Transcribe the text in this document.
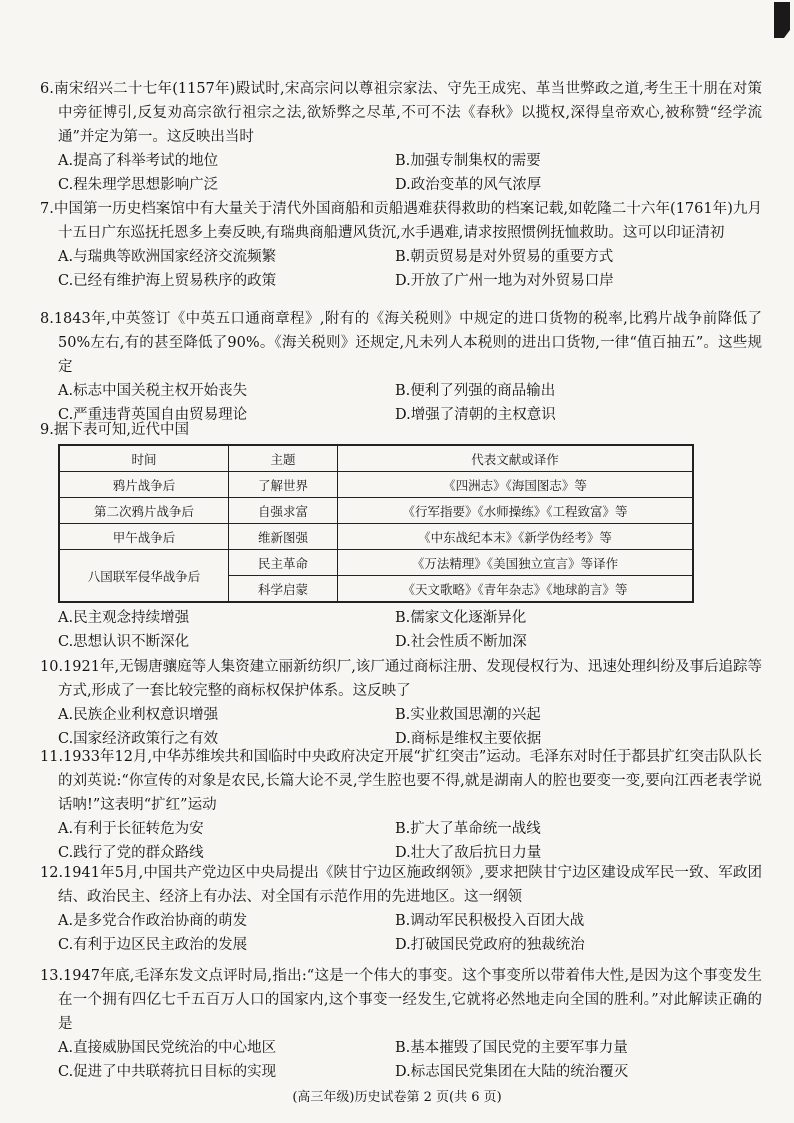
6.南宋绍兴二十七年(1157年)殿试时,宋高宗问以尊祖宗家法、守先王成宪、革当世弊政之道,考生王十朋在对策中旁征博引,反复劝高宗欲行祖宗之法,欲矫弊之尽革,不可不法《春秋》以揽权,深得皇帝欢心,被称赞“经学流通”并定为第一。这反映出当时

A.提高了科举考试的地位	B.加强专制集权的需要
C.程朱理学思想影响广泛	D.政治变革的风气浓厚

7.中国第一历史档案馆中有大量关于清代外国商船和贡船遇难获得救助的档案记载,如乾隆二十六年(1761年)九月十五日广东巡抚托恩多上奏反映,有瑞典商船遭风货沉,水手遇难,请求按照惯例抚恤救助。这可以印证清初

A.与瑞典等欧洲国家经济交流频繁	B.朝贡贸易是对外贸易的重要方式
C.已经有维护海上贸易秩序的政策	D.开放了广州一地为对外贸易口岸

8.1843年,中英签订《中英五口通商章程》,附有的《海关税则》中规定的进口货物的税率,比鸦片战争前降低了50%左右,有的甚至降低了90%。《海关税则》还规定,凡未列人本税则的进出口货物,一律“值百抽五”。这些规定

A.标志中国关税主权开始丧失	B.便利了列强的商品输出
C.严重违背英国自由贸易理论	D.增强了清朝的主权意识

9.据下表可知,近代中国

时间	主题	代表文献或译作
鸦片战争后	了解世界	《四洲志》《海国图志》等
第二次鸦片战争后	自强求富	《行军指要》《水师操练》《工程致富》等
甲午战争后	维新图强	《中东战纪本末》《新学伪经考》等
八国联军侵华战争后	民主革命	《万法精理》《美国独立宣言》等译作
	科学启蒙	《天文歌略》《青年杂志》《地球韵言》等
A.民主观念持续增强	B.儒家文化逐渐异化
C.思想认识不断深化	D.社会性质不断加深

10.1921年,无锡唐骧庭等人集资建立丽新纺织厂,该厂通过商标注册、发现侵权行为、迅速处理纠纷及事后追踪等方式,形成了一套比较完整的商标权保护体系。这反映了

A.民族企业利权意识增强	B.实业救国思潮的兴起
C.国家经济政策行之有效	D.商标是维权主要依据

11.1933年12月,中华苏维埃共和国临时中央政府决定开展“扩红突击”运动。毛泽东对时任于都县扩红突击队队长的刘英说:“你宣传的对象是农民,长篇大论不灵,学生腔也要不得,就是湖南人的腔也要变一变,要向江西老表学说话呐!”这表明“扩红”运动

A.有利于长征转危为安	B.扩大了革命统一战线
C.践行了党的群众路线	D.壮大了敌后抗日力量

12.1941年5月,中国共产党边区中央局提出《陕甘宁边区施政纲领》,要求把陕甘宁边区建设成军民一致、军政团结、政治民主、经济上有办法、对全国有示范作用的先进地区。这一纲领

A.是多党合作政治协商的萌发	B.调动军民积极投入百团大战
C.有利于边区民主政治的发展	D.打破国民党政府的独裁统治

13.1947年底,毛泽东发文点评时局,指出:“这是一个伟大的事变。这个事变所以带着伟大性,是因为这个事变发生在一个拥有四亿七千五百万人口的国家内,这个事变一经发生,它就将必然地走向全国的胜利。”对此解读正确的是

A.直接威胁国民党统治的中心地区	B.基本摧毁了国民党的主要军事力量
C.促进了中共联蒋抗日目标的实现	D.标志国民党集团在大陆的统治覆灭
(高三年级)历史试卷第 2 页(共 6 页)
